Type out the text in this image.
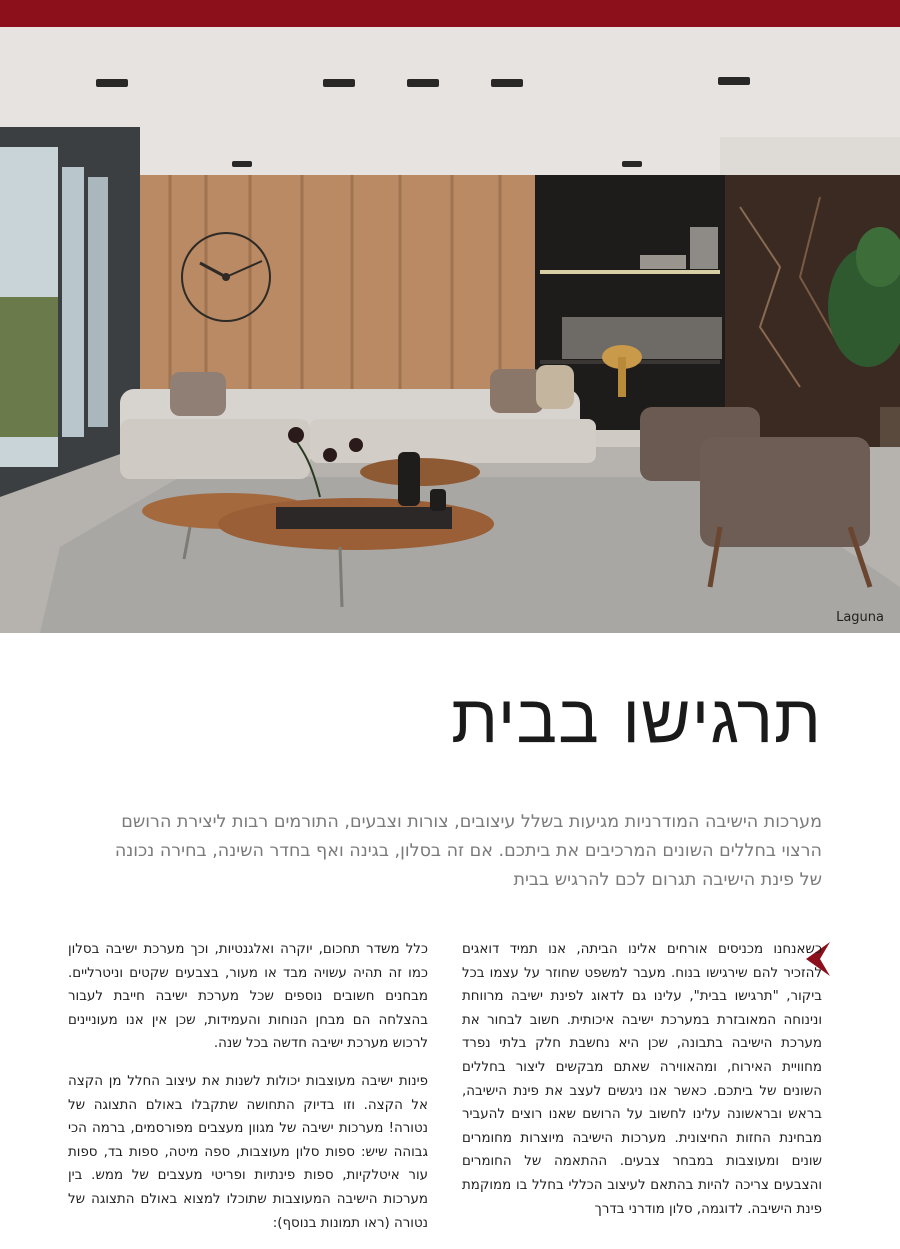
Laguna
תרגישו בבית
מערכות הישיבה המודרניות מגיעות בשלל עיצובים, צורות וצבעים, התורמים רבות ליצירת הרושם הרצוי בחללים השונים המרכיבים את ביתכם. אם זה בסלון, בגינה ואף בחדר השינה, בחירה נכונה של פינת הישיבה תגרום לכם להרגיש בבית

כשאנחנו מכניסים אורחים אלינו הביתה, אנו תמיד דואגים להזכיר להם שירגישו בנוח. מעבר למשפט שחוזר על עצמו בכל ביקור, "תרגישו בבית", עלינו גם לדאוג לפינת ישיבה מרווחת ונינוחה המאובזרת במערכת ישיבה איכותית. חשוב לבחור את מערכת הישיבה בתבונה, שכן היא נחשבת חלק בלתי נפרד מחוויית האירוח, ומהאווירה שאתם מבקשים ליצור בחללים השונים של ביתכם. כאשר אנו ניגשים לעצב את פינת הישיבה, בראש ובראשונה עלינו לחשוב על הרושם שאנו רוצים להעביר מבחינת החזות החיצונית. מערכות הישיבה מיוצרות מחומרים שונים ומעוצבות במבחר צבעים. ההתאמה של החומרים והצבעים צריכה להיות בהתאם לעיצוב הכללי בחלל בו ממוקמת פינת הישיבה. לדוגמה, סלון מודרני בדרך

כלל משדר תחכום, יוקרה ואלגנטיות, וכך מערכת ישיבה בסלון כמו זה תהיה עשויה מבד או מעור, בצבעים שקטים וניטרליים. מבחנים חשובים נוספים שכל מערכת ישיבה חייבת לעבור בהצלחה הם מבחן הנוחות והעמידות, שכן אין אנו מעוניינים לרכוש מערכת ישיבה חדשה בכל שנה.

פינות ישיבה מעוצבות יכולות לשנות את עיצוב החלל מן הקצה אל הקצה. וזו בדיוק התחושה שתקבלו באולם התצוגה של נטורה! מערכות ישיבה של מגוון מעצבים מפורסמים, ברמה הכי גבוהה שיש: ספות סלון מעוצבות, ספה מיטה, ספות בד, ספות עור איטלקיות, ספות פינתיות ופריטי מעצבים של ממש. בין מערכות הישיבה המעוצבות שתוכלו למצוא באולם התצוגה של נטורה (ראו תמונות בנוסף):
